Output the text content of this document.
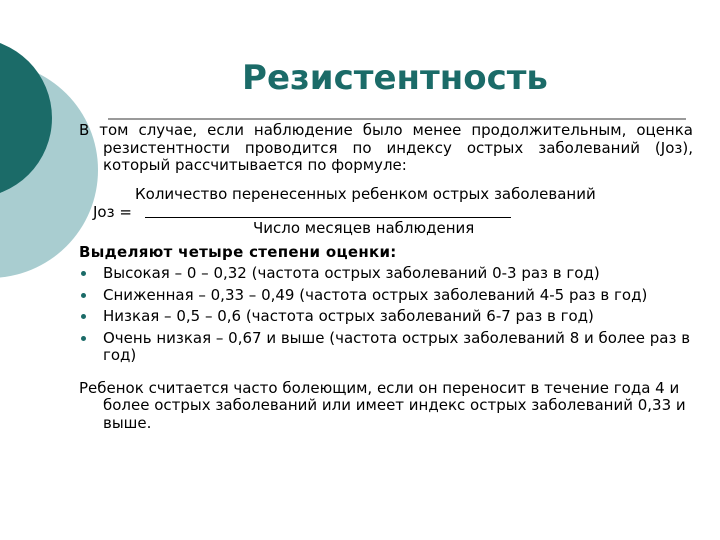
Резистентность

В том случае, если наблюдение было менее продолжительным, оценка резистентности проводится по индексу острых заболеваний (Jоз), который рассчитывается по формуле:

Количество перенесенных ребенком острых заболеваний
Jоз =
Число месяцев наблюдения

Выделяют четыре степени оценки:

Высокая – 0 – 0,32 (частота острых заболеваний 0-3 раз в год)
Сниженная – 0,33 – 0,49 (частота острых заболеваний 4-5 раз в год)
Низкая – 0,5 – 0,6 (частота острых заболеваний 6-7 раз в год)
Очень низкая – 0,67 и выше (частота острых заболеваний 8 и более раз в год)

Ребенок считается часто болеющим, если он переносит в течение года 4 и более острых заболеваний или имеет индекс острых заболеваний 0,33 и выше.
